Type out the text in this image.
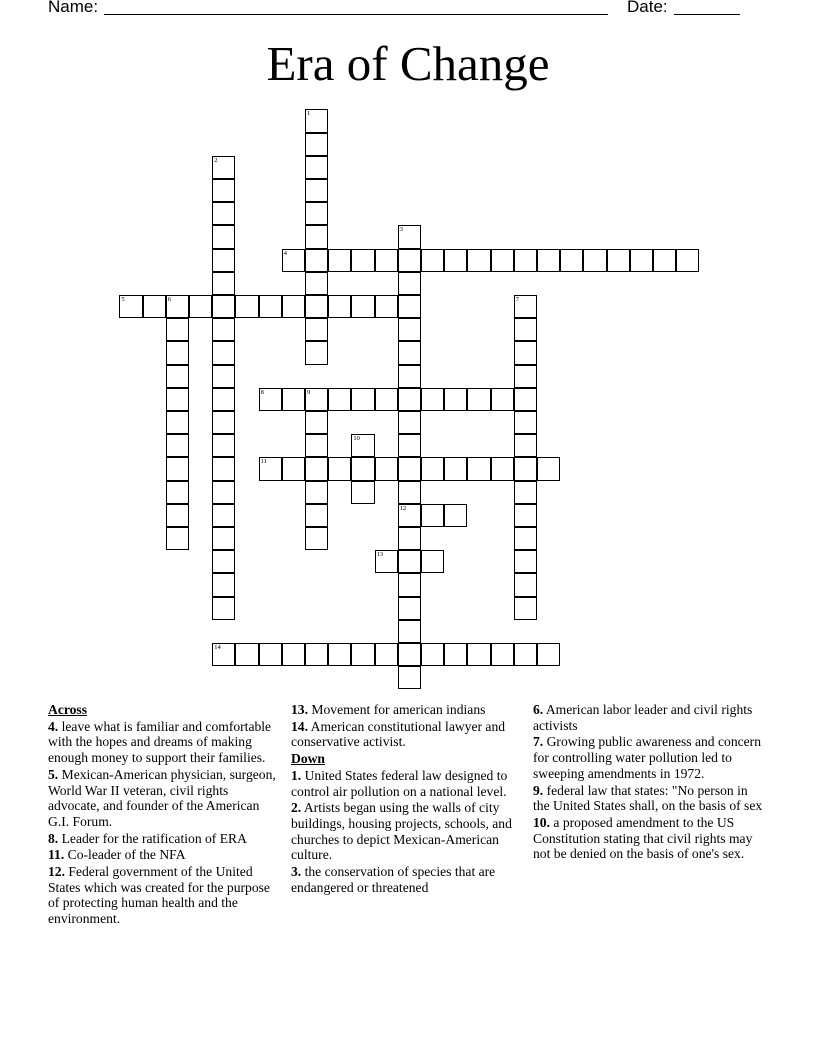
Name:	Date:
Era of Change
1
2
3
12
4
5	6	7
8	9
10
11
13
14

Across

4. leave what is familiar and comfortable with the hopes and dreams of making enough money to support their families.

5. Mexican-American physician, surgeon, World War II veteran, civil rights advocate, and founder of the American G.I. Forum.

8. Leader for the ratification of ERA

11. Co-leader of the NFA

12. Federal government of the United States which was created for the purpose of protecting human health and the environment.

13. Movement for american indians

14. American constitutional lawyer and conservative activist.

Down

1. United States federal law designed to control air pollution on a national level.

2. Artists began using the walls of city buildings, housing projects, schools, and churches to depict Mexican-American culture.

3. the conservation of species that are endangered or threatened

6. American labor leader and civil rights activists

7. Growing public awareness and concern for controlling water pollution led to sweeping amendments in 1972.

9. federal law that states: "No person in the United States shall, on the basis of sex

10. a proposed amendment to the US Constitution stating that civil rights may not be denied on the basis of one's sex.
